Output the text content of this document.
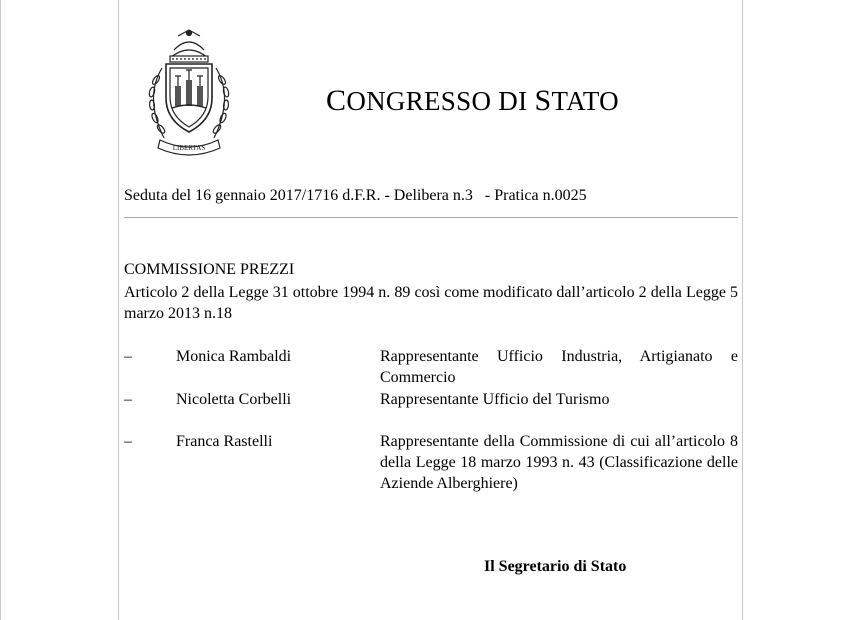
LIBERTAS
CONGRESSO DI STATO
Seduta del 16 gennaio 2017/1716 d.F.R. - Delibera n.3   - Pratica n.0025
COMMISSIONE PREZZI
Articolo 2 della Legge 31 ottobre 1994 n. 89 così come modificato dall’articolo 2 della Legge 5 marzo 2013 n.18
–	Monica Rambaldi	Rappresentante Ufficio Industria, Artigianato e Commercio
–	Nicoletta Corbelli	Rappresentante Ufficio del Turismo
–	Franca Rastelli	Rappresentante della Commissione di cui all’articolo 8 della Legge 18 marzo 1993 n. 43 (Classificazione delle Aziende Alberghiere)
Il Segretario di Stato
